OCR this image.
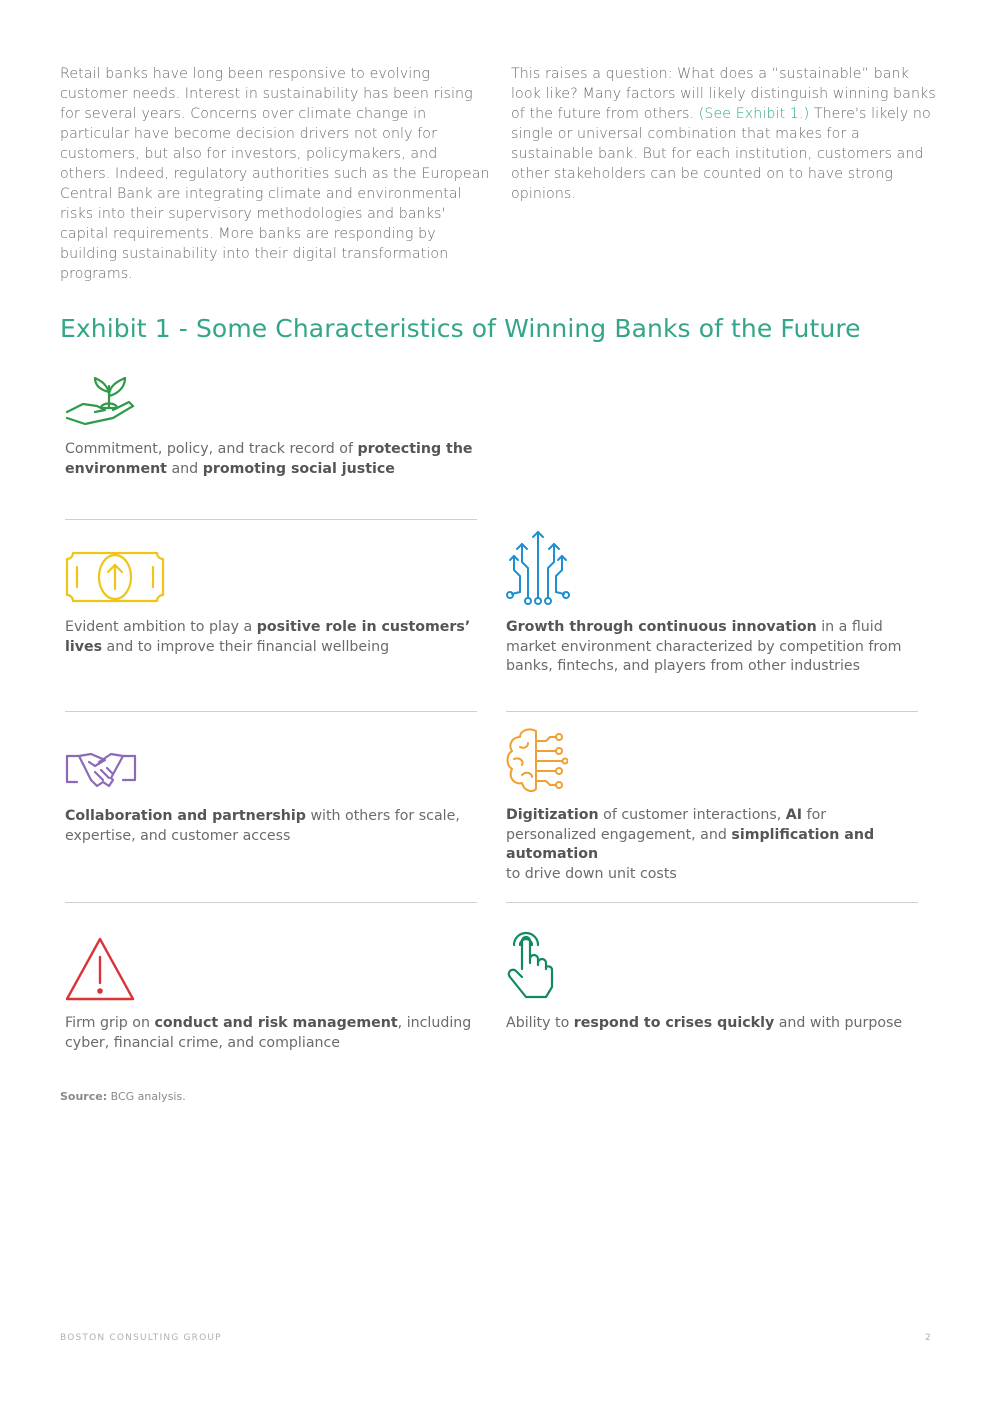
Retail banks have long been responsive to evolving customer needs. Interest in sustainability has been rising for several years. Concerns over climate change in particular have become decision drivers not only for customers, but also for investors, policymakers, and others. Indeed, regulatory authorities such as the European Central Bank are integrating climate and environmental risks into their supervisory methodologies and banks' capital requirements. More banks are responding by building sustainability into their digital transformation programs.

This raises a question: What does a “sustainable” bank look like? Many factors will likely distinguish winning banks of the future from others. (See Exhibit 1.) There's likely no single or universal combination that makes for a sustainable bank. But for each institution, customers and other stakeholders can be counted on to have strong opinions.

Exhibit 1 - Some Characteristics of Winning Banks of the Future

Commitment, policy, and track record of protecting the environment and promoting social justice

Evident ambition to play a positive role in customers’ lives and to improve their financial wellbeing

Growth through continuous innovation in a fluid market environment characterized by competition from banks, fintechs, and players from other industries

Collaboration and partnership with others for scale, expertise, and customer access

Digitization of customer interactions, AI for personalized engagement, and simplification and automation
to drive down unit costs

Firm grip on conduct and risk management, including cyber, financial crime, and compliance

Ability to respond to crises quickly and with purpose

Source: BCG analysis.
BOSTON CONSULTING GROUP	2
